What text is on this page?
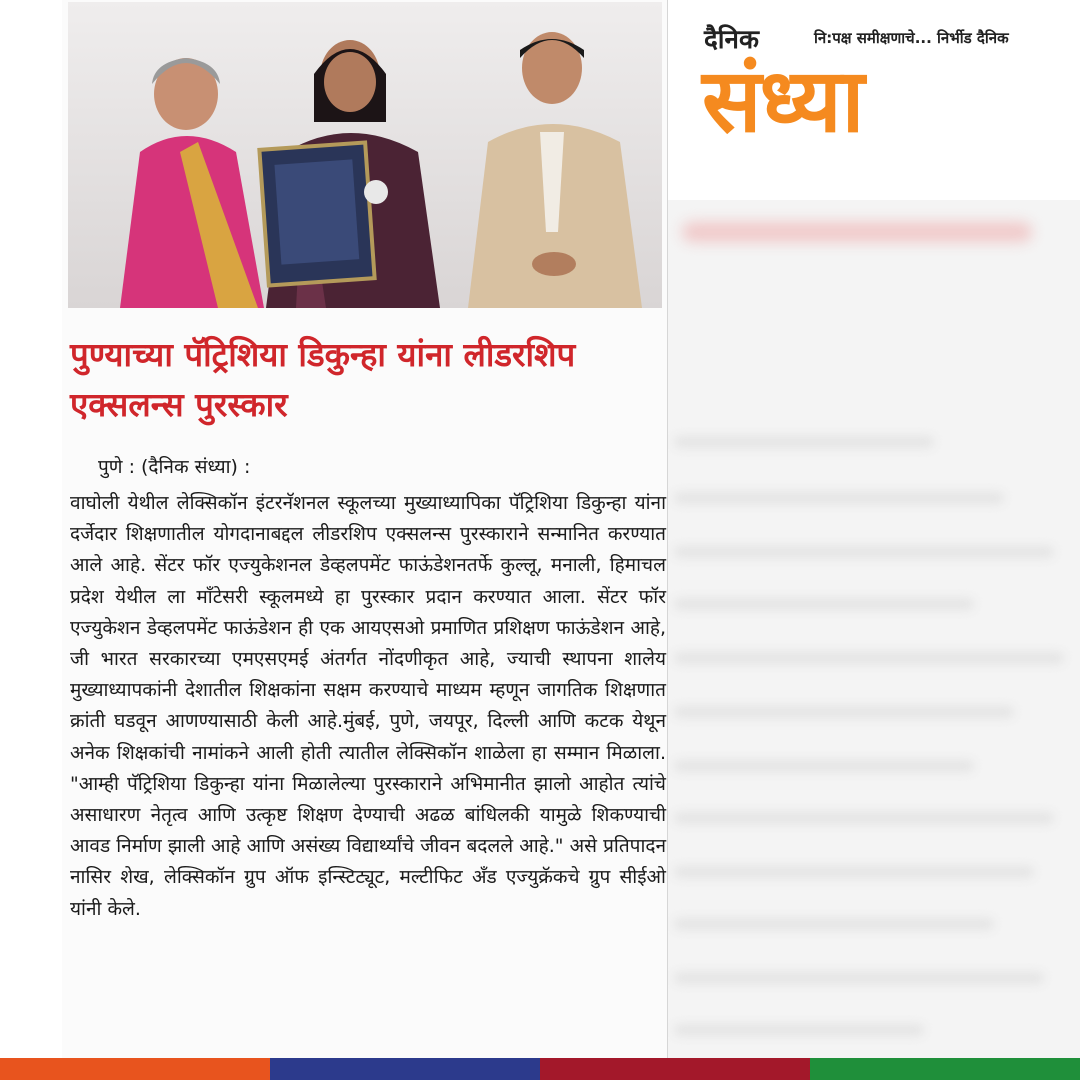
पुण्याच्या पॅट्रिशिया डिकुन्हा यांना लीडरशिप एक्सलन्स पुरस्कार
पुणे : (दैनिक संध्या) :

वाघोली येथील लेक्सिकॉन इंटरनॅशनल स्कूलच्या मुख्याध्यापिका पॅट्रिशिया डिकुन्हा यांना दर्जेदार शिक्षणातील योगदानाबद्दल लीडरशिप एक्सलन्स पुरस्काराने सन्मानित करण्यात आले आहे. सेंटर फॉर एज्युकेशनल डेव्हलपमेंट फाऊंडेशनतर्फे कुल्लू, मनाली, हिमाचल प्रदेश येथील ला मॉंटेसरी स्कूलमध्ये हा पुरस्कार प्रदान करण्यात आला. सेंटर फॉर एज्युकेशन डेव्हलपमेंट फाऊंडेशन ही एक आयएसओ प्रमाणित प्रशिक्षण फाऊंडेशन आहे, जी भारत सरकारच्या एमएसएमई अंतर्गत नोंदणीकृत आहे, ज्याची स्थापना शालेय मुख्याध्यापकांनी देशातील शिक्षकांना सक्षम करण्याचे माध्यम म्हणून जागतिक शिक्षणात क्रांती घडवून आणण्यासाठी केली आहे.मुंबई, पुणे, जयपूर, दिल्ली आणि कटक येथून अनेक शिक्षकांची नामांकने आली होती त्यातील लेक्सिकॉन शाळेला हा सम्मान मिळाला. "आम्ही पॅट्रिशिया डिकुन्हा यांना मिळालेल्या पुरस्काराने अभिमानीत झालो आहोत त्यांचे असाधारण नेतृत्व आणि उत्कृष्ट शिक्षण देण्याची अढळ बांधिलकी यामुळे शिकण्याची आवड निर्माण झाली आहे आणि असंख्य विद्यार्थ्यांचे जीवन बदलले आहे." असे प्रतिपादन नासिर शेख, लेक्सिकॉन ग्रुप ऑफ इन्स्टिट्यूट, मल्टीफिट अँड एज्युक्रॅकचे ग्रुप सीईओ यांनी केले.

दैनिक	नि:पक्ष समीक्षणाचे... निर्भीड दैनिक
संध्या
